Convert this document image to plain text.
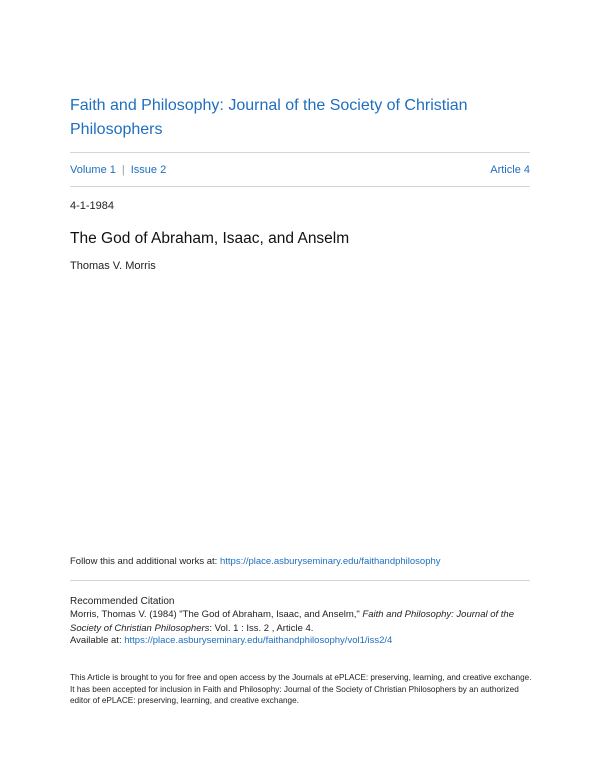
Faith and Philosophy: Journal of the Society of Christian Philosophers
Volume 1 | Issue 2	Article 4
4-1-1984
The God of Abraham, Isaac, and Anselm
Thomas V. Morris
Follow this and additional works at: https://place.asburyseminary.edu/faithandphilosophy
Recommended Citation
Morris, Thomas V. (1984) "The God of Abraham, Isaac, and Anselm," Faith and Philosophy: Journal of the Society of Christian Philosophers: Vol. 1 : Iss. 2 , Article 4.
Available at: https://place.asburyseminary.edu/faithandphilosophy/vol1/iss2/4
This Article is brought to you for free and open access by the Journals at ePLACE: preserving, learning, and creative exchange. It has been accepted for inclusion in Faith and Philosophy: Journal of the Society of Christian Philosophers by an authorized editor of ePLACE: preserving, learning, and creative exchange.
